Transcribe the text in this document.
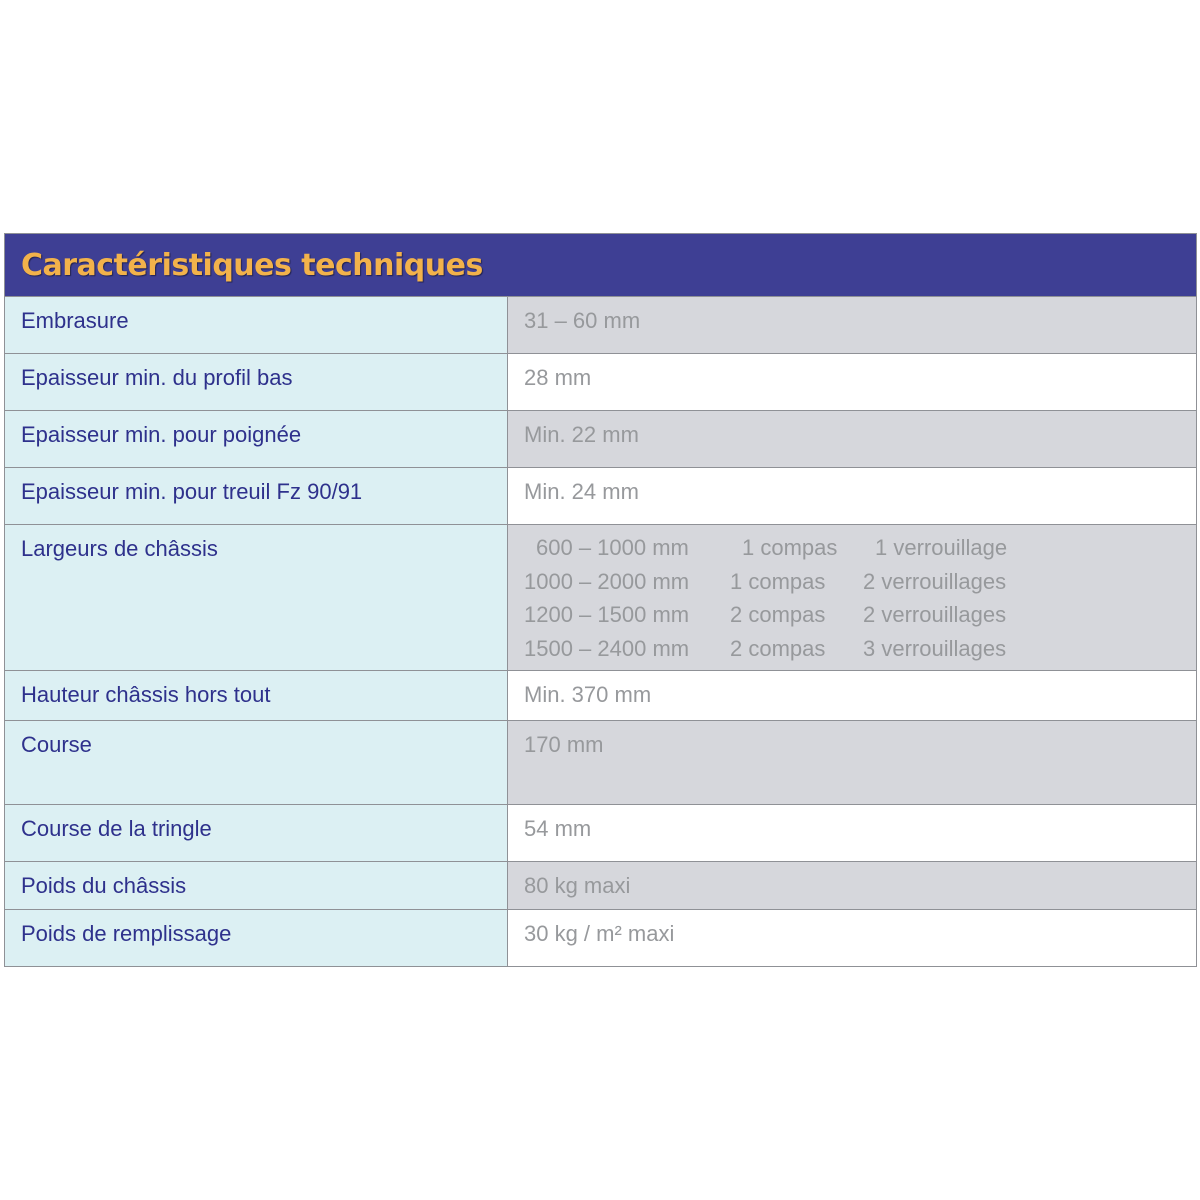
Caractéristiques techniques
Embrasure	31 – 60 mm
Epaisseur min. du profil bas	28 mm
Epaisseur min. pour poignée	Min. 22 mm
Epaisseur min. pour treuil Fz 90/91	Min. 24 mm
Largeurs de châssis	600 – 1000 mm	1 compas	1 verrouillage
1000 – 2000 mm	1 compas	2 verrouillages
1200 – 1500 mm	2 compas	2 verrouillages
1500 – 2400 mm	2 compas	3 verrouillages
Hauteur châssis hors tout	Min. 370 mm
Course	170 mm
Course de la tringle	54 mm
Poids du châssis	80 kg maxi
Poids de remplissage	30 kg / m² maxi
